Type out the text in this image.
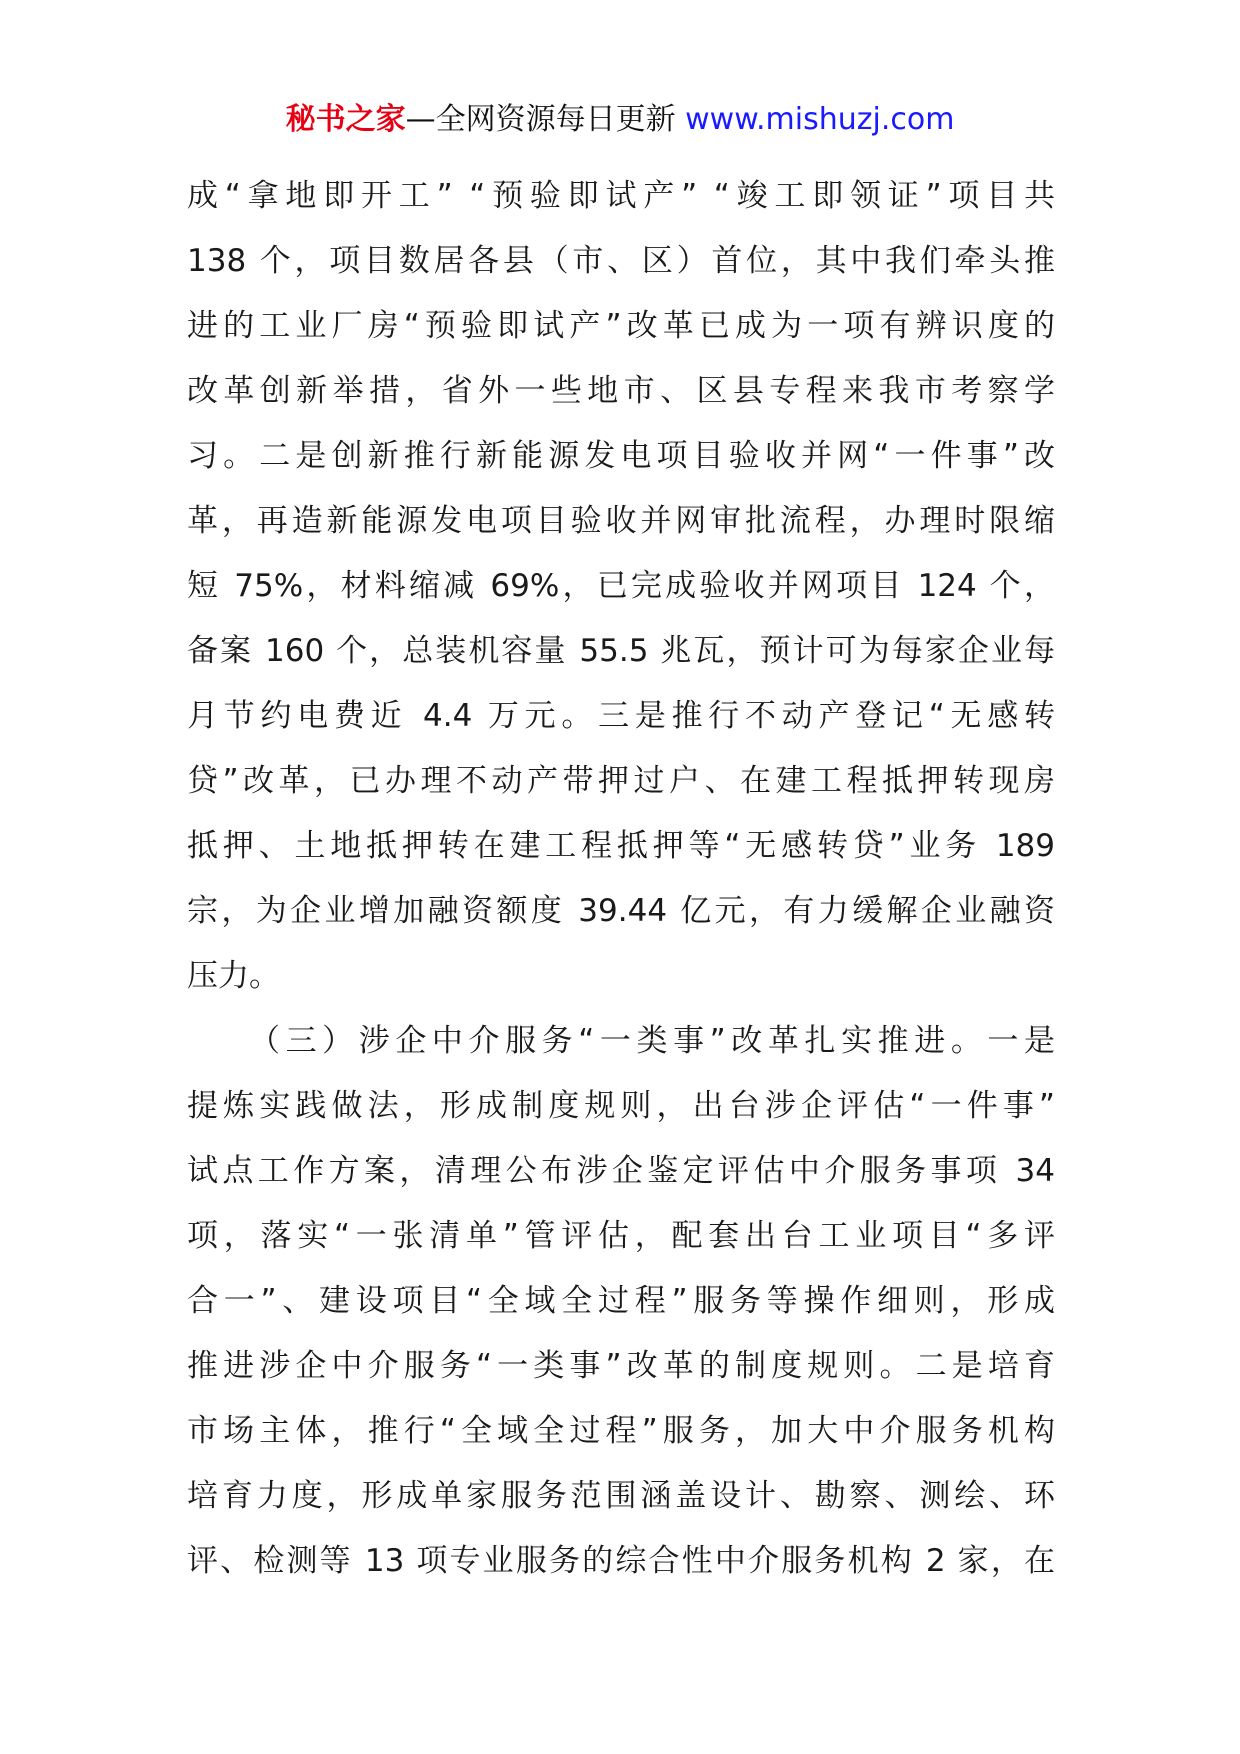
秘书之家—全网资源每日更新 www.mishuzj.com
成“拿地即开工” “预验即试产” “竣工即领证”项目共
138 个，项目数居各县（市、区）首位，其中我们牵头推
进的工业厂房“预验即试产”改革已成为一项有辨识度的
改革创新举措，省外一些地市、区县专程来我市考察学
习。二是创新推行新能源发电项目验收并网“一件事”改
革，再造新能源发电项目验收并网审批流程，办理时限缩
短 75%，材料缩减 69%，已完成验收并网项目 124 个，
备案 160 个，总装机容量 55.5 兆瓦，预计可为每家企业每
月节约电费近 4.4 万元。三是推行不动产登记“无感转
贷”改革，已办理不动产带押过户、在建工程抵押转现房
抵押、土地抵押转在建工程抵押等“无感转贷”业务 189
宗，为企业增加融资额度 39.44 亿元，有力缓解企业融资
压力。
（三）涉企中介服务“一类事”改革扎实推进。一是
提炼实践做法，形成制度规则，出台涉企评估“一件事”
试点工作方案，清理公布涉企鉴定评估中介服务事项 34
项，落实“一张清单”管评估，配套出台工业项目“多评
合一”、建设项目“全域全过程”服务等操作细则，形成
推进涉企中介服务“一类事”改革的制度规则。二是培育
市场主体，推行“全域全过程”服务，加大中介服务机构
培育力度，形成单家服务范围涵盖设计、勘察、测绘、环
评、检测等 13 项专业服务的综合性中介服务机构 2 家，在
